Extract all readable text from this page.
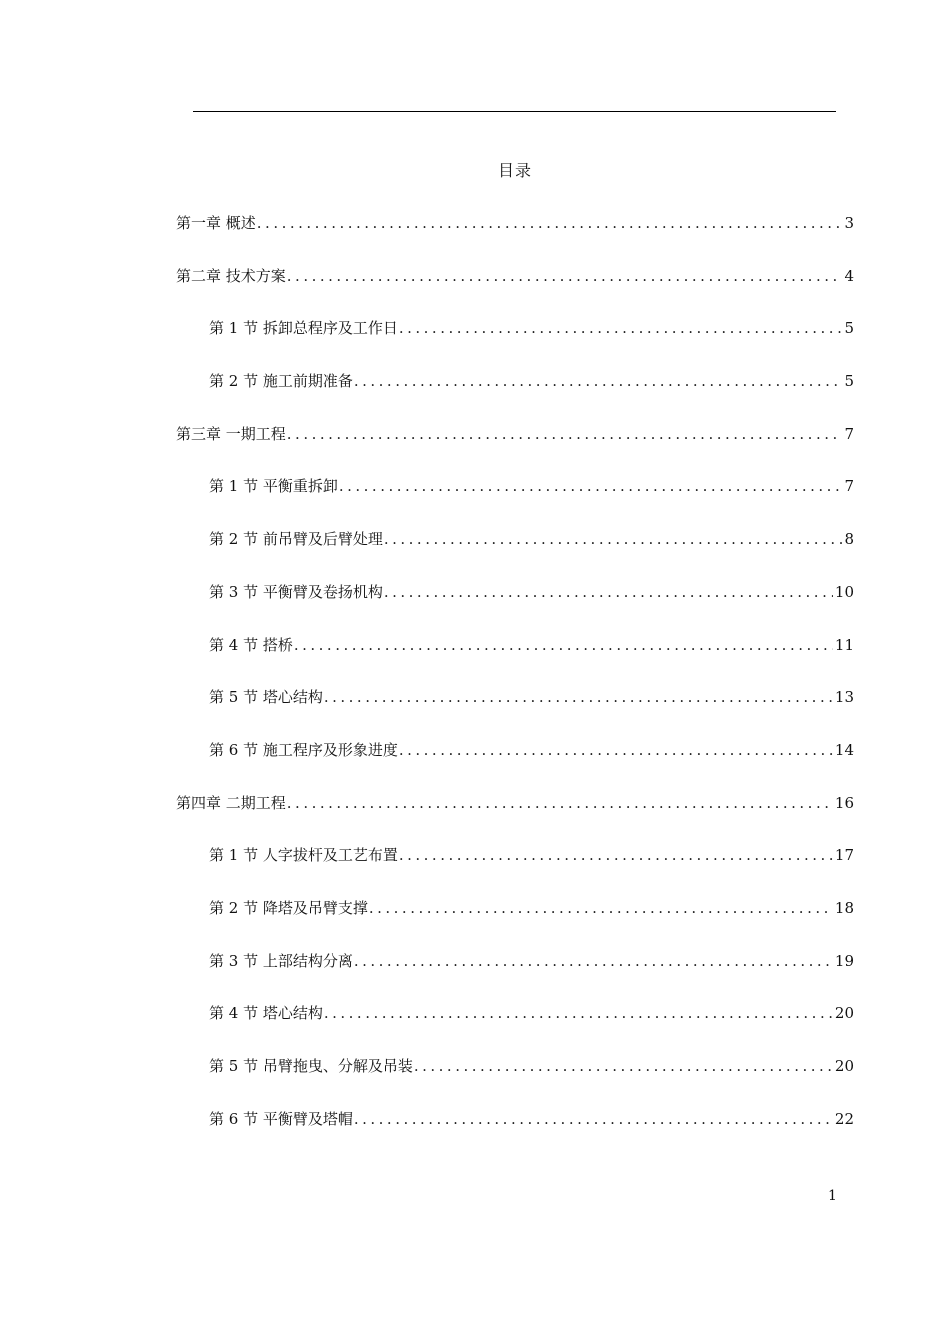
目录
第一章 概述 .....	3
第二章 技术方案 .....	4
第 1 节 拆卸总程序及工作日 .....	5
第 2 节 施工前期准备 .....	5
第三章 一期工程 .....	7
第 1 节 平衡重拆卸 .....	7
第 2 节 前吊臂及后臂处理 .....	8
第 3 节 平衡臂及卷扬机构 .....	10
第 4 节 搭桥 .....	11
第 5 节 塔心结构 .....	13
第 6 节 施工程序及形象进度 .....	14
第四章 二期工程 .....	16
第 1 节 人字拔杆及工艺布置 .....	17
第 2 节 降塔及吊臂支撑 .....	18
第 3 节 上部结构分离 .....	19
第 4 节 塔心结构 .....	20
第 5 节 吊臂拖曳、分解及吊装 .....	20
第 6 节 平衡臂及塔帽 .....	22
1
